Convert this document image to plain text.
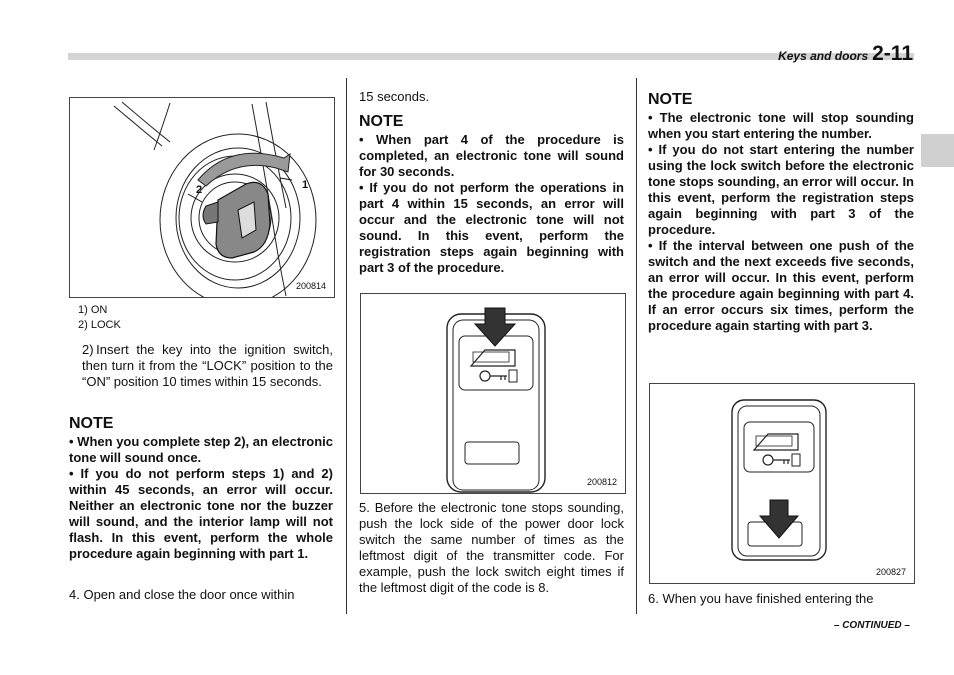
Keys and doors 2-11
2	1
200814

1) ON

2) LOCK

2) Insert the key into the ignition switch, then turn it from the “LOCK” position to the “ON” position 10 times within 15 seconds.

NOTE

• When you complete step 2), an electronic tone will sound once.

• If you do not perform steps 1) and 2) within 45 seconds, an error will occur. Neither an electronic tone nor the buzzer will sound, and the interior lamp will not flash. In this event, perform the whole procedure again beginning with part 1.

4. Open and close the door once within
15 seconds.

NOTE

• When part 4 of the procedure is completed, an electronic tone will sound for 30 seconds.

• If you do not perform the operations in part 4 within 15 seconds, an error will occur and the electronic tone will not sound. In this event, perform the registration steps again beginning with part 3 of the procedure.

200812
5. Before the electronic tone stops sounding, push the lock side of the power door lock switch the same number of times as the leftmost digit of the transmitter code. For example, push the lock switch eight times if the leftmost digit of the code is 8.

NOTE

• The electronic tone will stop sounding when you start entering the number.

• If you do not start entering the number using the lock switch before the electronic tone stops sounding, an error will occur. In this event, perform the registration steps again beginning with part 3 of the procedure.

• If the interval between one push of the switch and the next exceeds five seconds, an error will occur. In this event, perform the procedure again beginning with part 4. If an error occurs six times, perform the procedure again starting with part 3.

200827
6. When you have finished entering the
– CONTINUED –
